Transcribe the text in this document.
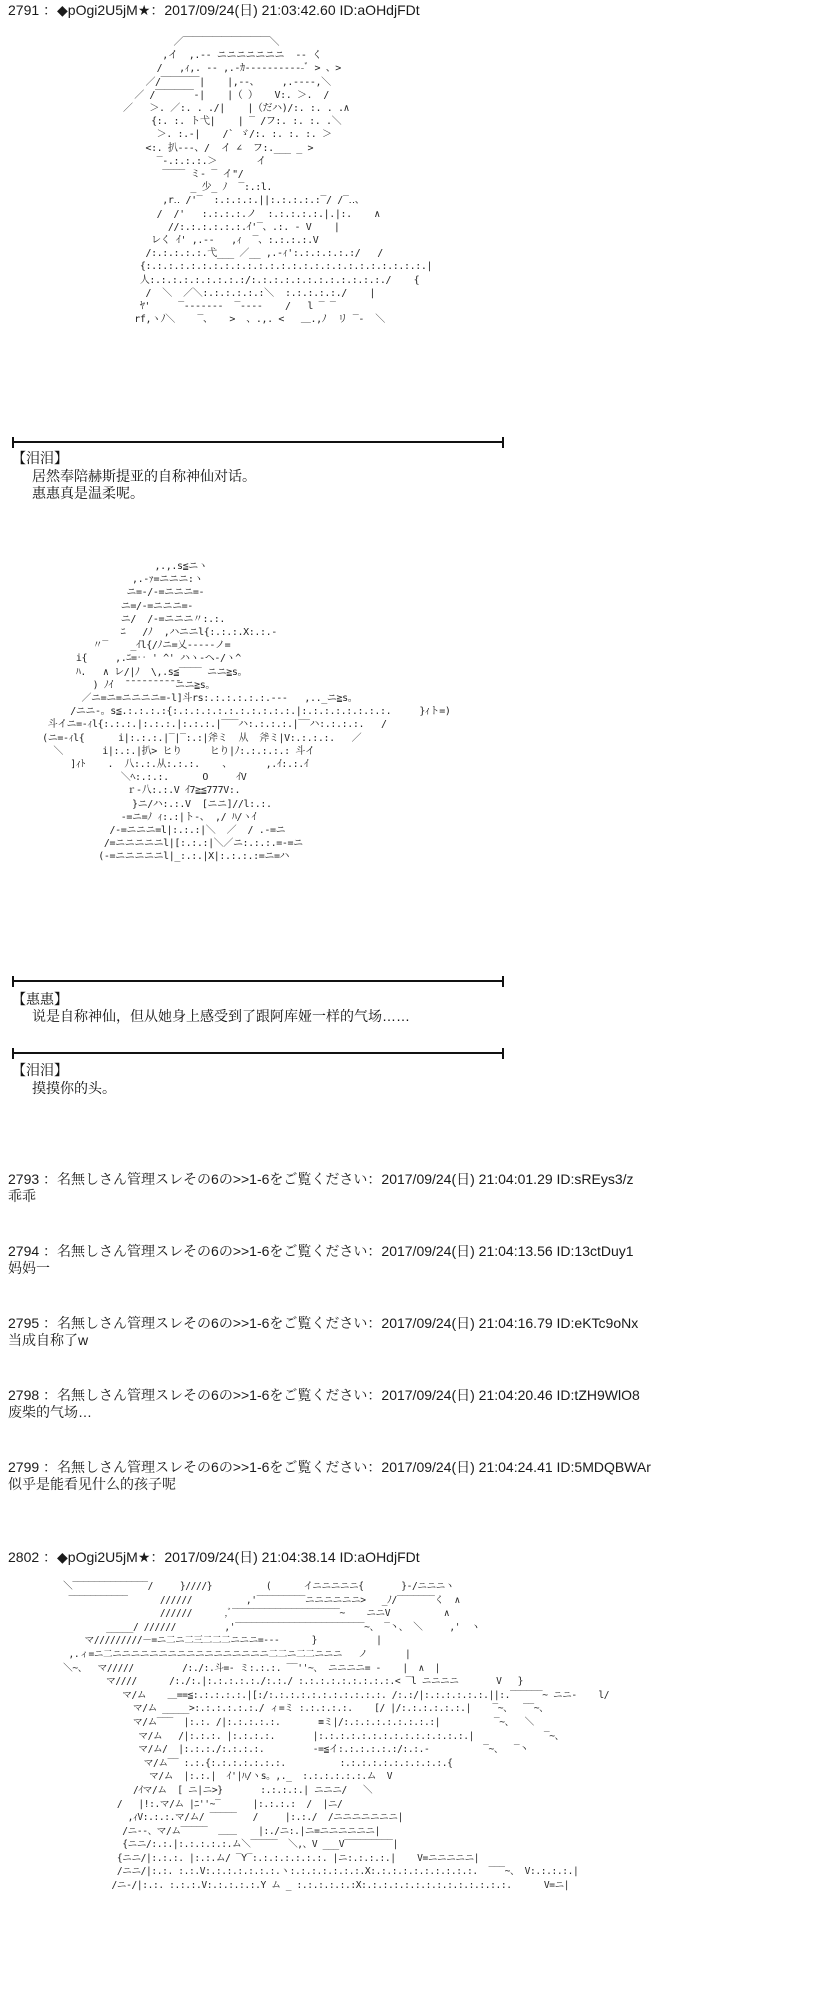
2791 ：◆pOgi2U5jM★：2017/09/24(日) 21:03:42.60 ID:aOHdjFDt
／￣￣￣￣￣￣￣￣￣＼
,イ  ,.-- ニニニニニニニ  -- く
/   ,ｨ,. -- ,.-ｶ-----------ﾞ > 、>
／/￣￣￣￣|    |,--、    ,.-‐--,＼
／ /￣￣￣￣-|    |（ ）   V:. ＞.  /
／   ＞. ／:. . ./|    |（だハ)/:. :. . .∧
{:. :. ト弋|    | ‾ /フ:. :. :. .＼
＞. :.-|    /` ゞ/:. :. :. :. ＞
<:. 扒-‐-、/  イ ∠  フ:.___ _ >
‾-.:.:.:.＞       イ
‾‾‾‾ ミ- ‾ イ"/
_ 少_ ﾉ  ‾:.:l.
,r‥ /'‾  :.:.:.:.||:.:.:.:.:‾/ /‾‥、
/  /'   :.:.:.:.ノ  :.:.:.:.:.|.|:.    ∧
//:.:.:.:.:.:.ｲ'‾、.:. ‐ V    |
レく ｲ' ,.-‐   ,ｨ  ‾、:.:.:.:.V
/:.:.:.:.:.弋___ ／__ ,.-ｨ':.:.:.:.:.:/   /
{:.:.:.:.:.:.:.:.:.:.:.:.:.:.:.:.:.:.:.:.:.:.:.:.:.|
人:.:.:.:.:.:.:.:.:/:.:.:.:.:.:.:.:.:.:.:.:./    {
/  ＼  ／＼:.:.:.:.:.:＼  :.:.:.:.:./    |
ﾔ'     ‾-‐-‐--‐  ‾‐-‐-    /   l ‾ ‾
rf,ヽﾉ＼    ‾、   >  、.,. <   ＿.,ﾉ  リ ‾‐  ＼
【泪泪】
居然奉陪赫斯提亚的自称神仙对话。
惠惠真是温柔呢。
,.,.s≦ニヽ
,.-ｧ=ニニニ:ヽ
ニ=-/-=ニニニ=-
ニ=/-=ニニニ=-
ニ/  /-=ニニニ〃:.:.
ﾆ   /ﾉ  ,ハニニl{:.:.:.X:.:.-
〃‾    _ｲl{/ﾉニ=乂-----ノ=
i{     ,.ﾆ=‥ ' ^' ハヽ-ヘ-/ヽ^
ﾊ.   ∧ レ/|ﾉ  \,.s≦‾‾‾‾ ニニ≧s。
) ﾉｲ  ̄ ̄ ̄ ̄ ̄ ̄ ̄ ̄ ̄ ̄ニニ≧s。
／ニ=ニ=ニニニニ=-l]斗rs:.:.:.:.:.:.-‐‐   ,.._ニ≧s。
/ニニ-。s≦.:.:.:.:{:.:.:.:.:.:.:.:.:.:.:.|:.:.:.:.:.:.:.:.     }ｨト=)
斗イニ=-ｨl{:.:.:.|:.:.:.|:.:.:.|‾‾‾ハ:.:.:.:.|‾‾ハ:.:.:.:.   /
(ニ=-ｨl{      i|:.:.:.|‾|‾:.:|斧ミ  从  斧ミ|V:.:.:.:.   ／
＼       i|:.:.|扒> ヒり     ヒり|ﾉ:.:.:.:.: 斗イ
]ｨﾄ    .  八:.:.从:.:.:.    、      ,.ｲ:.:.ｲ
＼ﾍ:.:.:.      O     ｲV
ｒ-八:.:.V ｲ7≧≦777V:.
}ニ/ハ:.:.V  [ニニ]//l:.:.
-=ニ=ﾉ ｨ:.:|ト-、 ,/ ﾊ/ヽｲ
/-=ニニニ=l|:.:.:|＼  ／  / .-=ニ
/=ニニニニニl|[:.:.:|＼／ニ:.:.:.=-=ニ
(-=ニニニニニl|_:.:.|X|:.:.:.:=ニ=ハ
【惠惠】
说是自称神仙，但从她身上感受到了跟阿库娅一样的气场……
【泪泪】
摸摸你的头。
2793 ：名無しさん管理スレその6の>>1-6をご覧ください：2017/09/24(日) 21:04:01.29 ID:sREys3/z
乖乖
2794 ：名無しさん管理スレその6の>>1-6をご覧ください：2017/09/24(日) 21:04:13.56 ID:13ctDuy1
妈妈一
2795 ：名無しさん管理スレその6の>>1-6をご覧ください：2017/09/24(日) 21:04:16.79 ID:eKTc9oNx
当成自称了w
2798 ：名無しさん管理スレその6の>>1-6をご覧ください：2017/09/24(日) 21:04:20.46 ID:tZH9WlO8
废柴的气场…
2799 ：名無しさん管理スレその6の>>1-6をご覧ください：2017/09/24(日) 21:04:24.41 ID:5MDQBWAr
似乎是能看见什么的孩子呢
2802 ：◆pOgi2U5jM★：2017/09/24(日) 21:04:38.14 ID:aOHdjFDt
＼‾‾‾‾‾‾‾‾‾‾‾‾‾‾/     }////}          (      イニニニニニ{       }-/ニニニヽ
‾‾‾‾‾‾‾‾‾‾‾      //////          ,'‾‾‾‾‾‾‾‾‾ニニニニニニ>   _ﾉ/‾‾‾‾‾‾‾く  ∧
//////      ,ﾞ‾‾‾‾‾‾‾‾‾‾‾‾‾‾‾‾‾‾‾‾~    ニニV          ∧
_____/ //////         ,'‾‾‾‾‾‾‾‾‾‾‾‾‾‾‾‾‾‾‾‾‾‾‾‾~、 ‾丶、 ＼     ,'  ヽ
マ/////////－=ニ二ニ二三二二二ニニニ=‐‐‐      }           |
,.ィ=ニ二ニニニニニニニニニニニニニニニニニ二二ニ二二ニニニ   ノ       |
＼~、  マ/////         /:./:.斗=‐ ミ:.:.:. ‾‾''~、 ニニニニ= ‐    |  ∧  |
マ////      /:./:.|:.:.:.:.:./:.:./ :.:.:.:.:.:.:.:.:.< ‾l ニニニニ       V   }
マ/ム    ＿==≦:.:.:.:.:.|[:/:.:.:.:.:.:.:.:.:.:.:. /:.:/|:.:.:.:.:.:.||:.‾‾‾‾‾‾~ ニニ-    l/
マ/ム _____>:.:.:.:.:.:./ ィ=ミ :.:.:.:.:.    [/ |/:.:.:.:.:.:.|    ‾~、  ‾‾~、
マ/ム‾‾‾  |:.:. /|:.:.:.:.:.       ≡ミ|/:.:.:.:.:.:.:.:.:|          ‾~、  ＼
マ/ム   /|:.:.:. |:.:.:.:.       |:.:.:.:.:.:.:.:.:.:.:.:.:.:.|             ‾~、
マ/ム/  |:.:.:./:.:.:.:.         -=≦イ:.:.:.:.:.:/:.:.-          ‾~、  ‾丶
マ/ム‾‾ :.:.{:.:.:.:.:.:.:.          :.:.:.:.:.:.:.:.:.:.{
マ/ム  |:.:.|  ｲ'|ﾊ/ヽs。,._  :.:.:.:.:.:.ム  V
/ｲマ/ム  [ ニ|ニ>}       :.:.:.:.| ニニニ/   ＼
/   |!:.マ/ム |ﾆ''~‾      |:.:.:.:  /  |ニ/
,ｨV:.:.:.マ/ム/ ‾‾‾‾‾   /     |:.:./  /ニニニニニニニ|
/ニ-‐、マ/ム‾‾‾‾‾  ＿＿    |:./ニ:.|ニ=ニニニニニニ|
{ニニ/:.:.|:.:.:.:.:.ム＼‾‾‾‾‾  ＼,、V ___V‾‾‾‾‾‾‾‾‾|
{ニニ/|:.:.:. |:.:.ム/ ‾Y‾:.:.:.:.:.:.:. |ニ:.:.:.:.|    V=ニニニニニ|
/ニニ/|:.:. :.:.V:.:.:.:.:.:.:.ヽ:.:.:.:.:.:.:.X:.:.:.:.:.:.:.:.:.:.  ‾‾‾~、 V:.:.:.:.|
/ニ-/|:.:. :.:.:.V:.:.:.:.:.Y ム _ :.:.:.:.:.:X:.:.:.:.:.:.:.:.:.:.:.:.:.:.      V=ニ|
